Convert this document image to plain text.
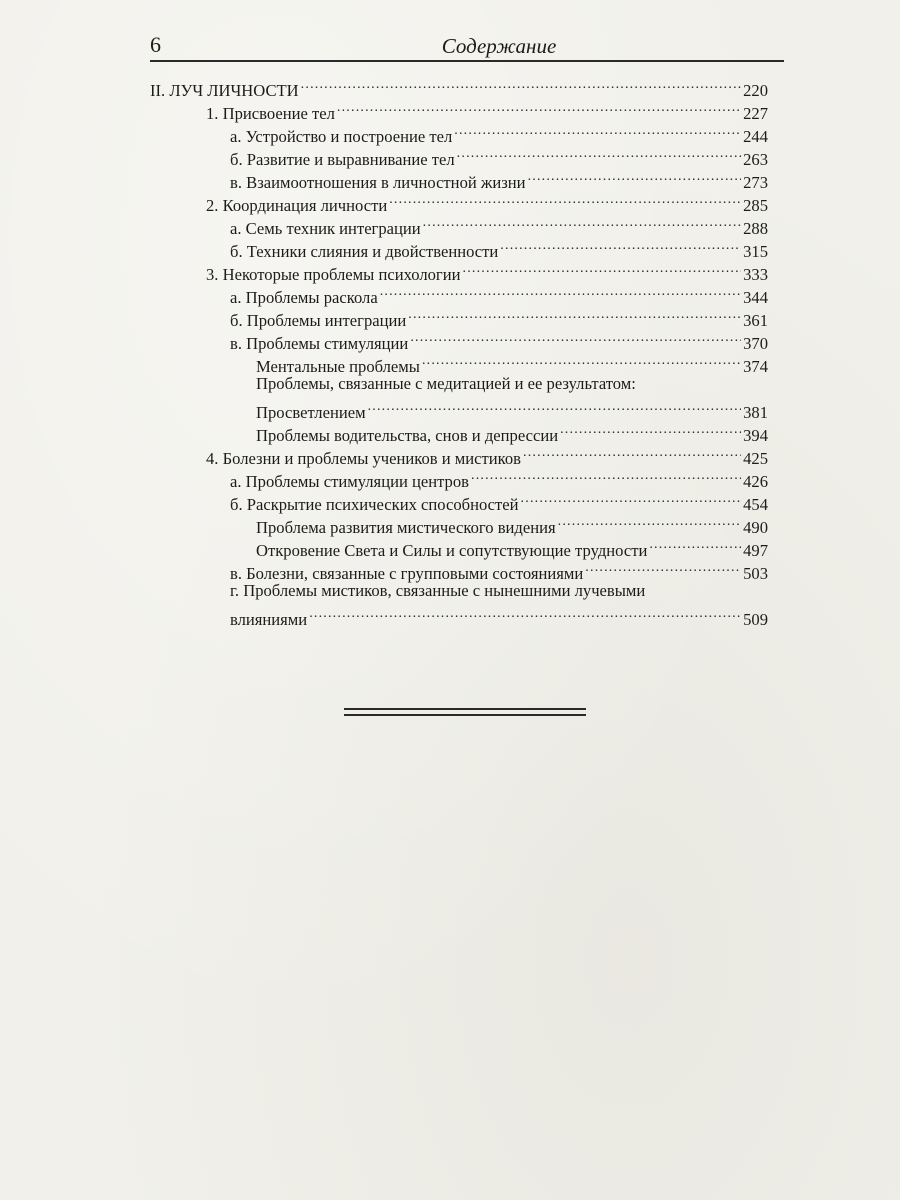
6	Содержание
II. ЛУЧ ЛИЧНОСТИ .....	220
1. Присвоение тел .....	227
а. Устройство и построение тел .....	244
б. Развитие и выравнивание тел .....	263
в. Взаимоотношения в личностной жизни .....	273
2. Координация личности .....	285
а. Семь техник интеграции .....	288
б. Техники слияния и двойственности .....	315
3. Некоторые проблемы психологии .....	333
а. Проблемы раскола .....	344
б. Проблемы интеграции .....	361
в. Проблемы стимуляции .....	370
Ментальные проблемы .....	374
Проблемы, связанные с медитацией и ее результатом:
Просветлением .....	381
Проблемы водительства, снов и депрессии .....	394
4. Болезни и проблемы учеников и мистиков .....	425
а. Проблемы стимуляции центров .....	426
б. Раскрытие психических способностей .....	454
Проблема развития мистического видения .....	490
Откровение Света и Силы и сопутствующие трудности .....	497
в. Болезни, связанные с групповыми состояниями .....	503
г. Проблемы мистиков, связанные с нынешними лучевыми
влияниями .....	509
